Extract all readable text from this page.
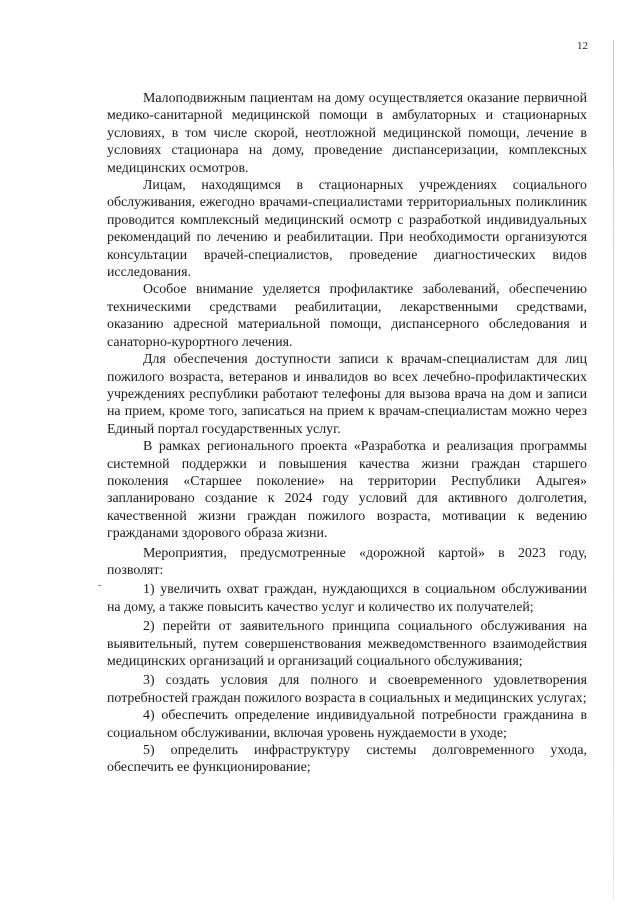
12

Малоподвижным пациентам на дому осуществляется оказание первичной медико-санитарной медицинской помощи в амбулаторных и стационарных условиях, в том числе скорой, неотложной медицинской помощи, лечение в условиях стационара на дому, проведение диспансеризации, комплексных медицинских осмотров.

Лицам, находящимся в стационарных учреждениях социального обслуживания, ежегодно врачами-специалистами территориальных поликлиник проводится комплексный медицинский осмотр с разработкой индивидуальных рекомендаций по лечению и реабилитации. При необходимости организуются консультации врачей-специалистов, проведение диагностических видов исследования.

Особое внимание уделяется профилактике заболеваний, обеспечению техническими средствами реабилитации, лекарственными средствами, оказанию адресной материальной помощи, диспансерного обследования и санаторно-курортного лечения.

Для обеспечения доступности записи к врачам-специалистам для лиц пожилого возраста, ветеранов и инвалидов во всех лечебно-профилактических учреждениях республики работают телефоны для вызова врача на дом и записи на прием, кроме того, записаться на прием к врачам-специалистам можно через Единый портал государственных услуг.

В рамках регионального проекта «Разработка и реализация программы системной поддержки и повышения качества жизни граждан старшего поколения «Старшее поколение» на территории Республики Адыгея» запланировано создание к 2024 году условий для активного долголетия, качественной жизни граждан пожилого возраста, мотивации к ведению гражданами здорового образа жизни.

Мероприятия, предусмотренные «дорожной картой» в 2023 году, позволят:

1) увеличить охват граждан, нуждающихся в социальном обслуживании на дому, а также повысить качество услуг и количество их получателей;

2) перейти от заявительного принципа социального обслуживания на выявительный, путем совершенствования межведомственного взаимодействия медицинских организаций и организаций социального обслуживания;

3) создать условия для полного и своевременного удовлетворения потребностей граждан пожилого возраста в социальных и медицинских услугах;

4) обеспечить определение индивидуальной потребности гражданина в социальном обслуживании, включая уровень нуждаемости в уходе;

5) определить инфраструктуру системы долговременного ухода, обеспечить ее функционирование;
